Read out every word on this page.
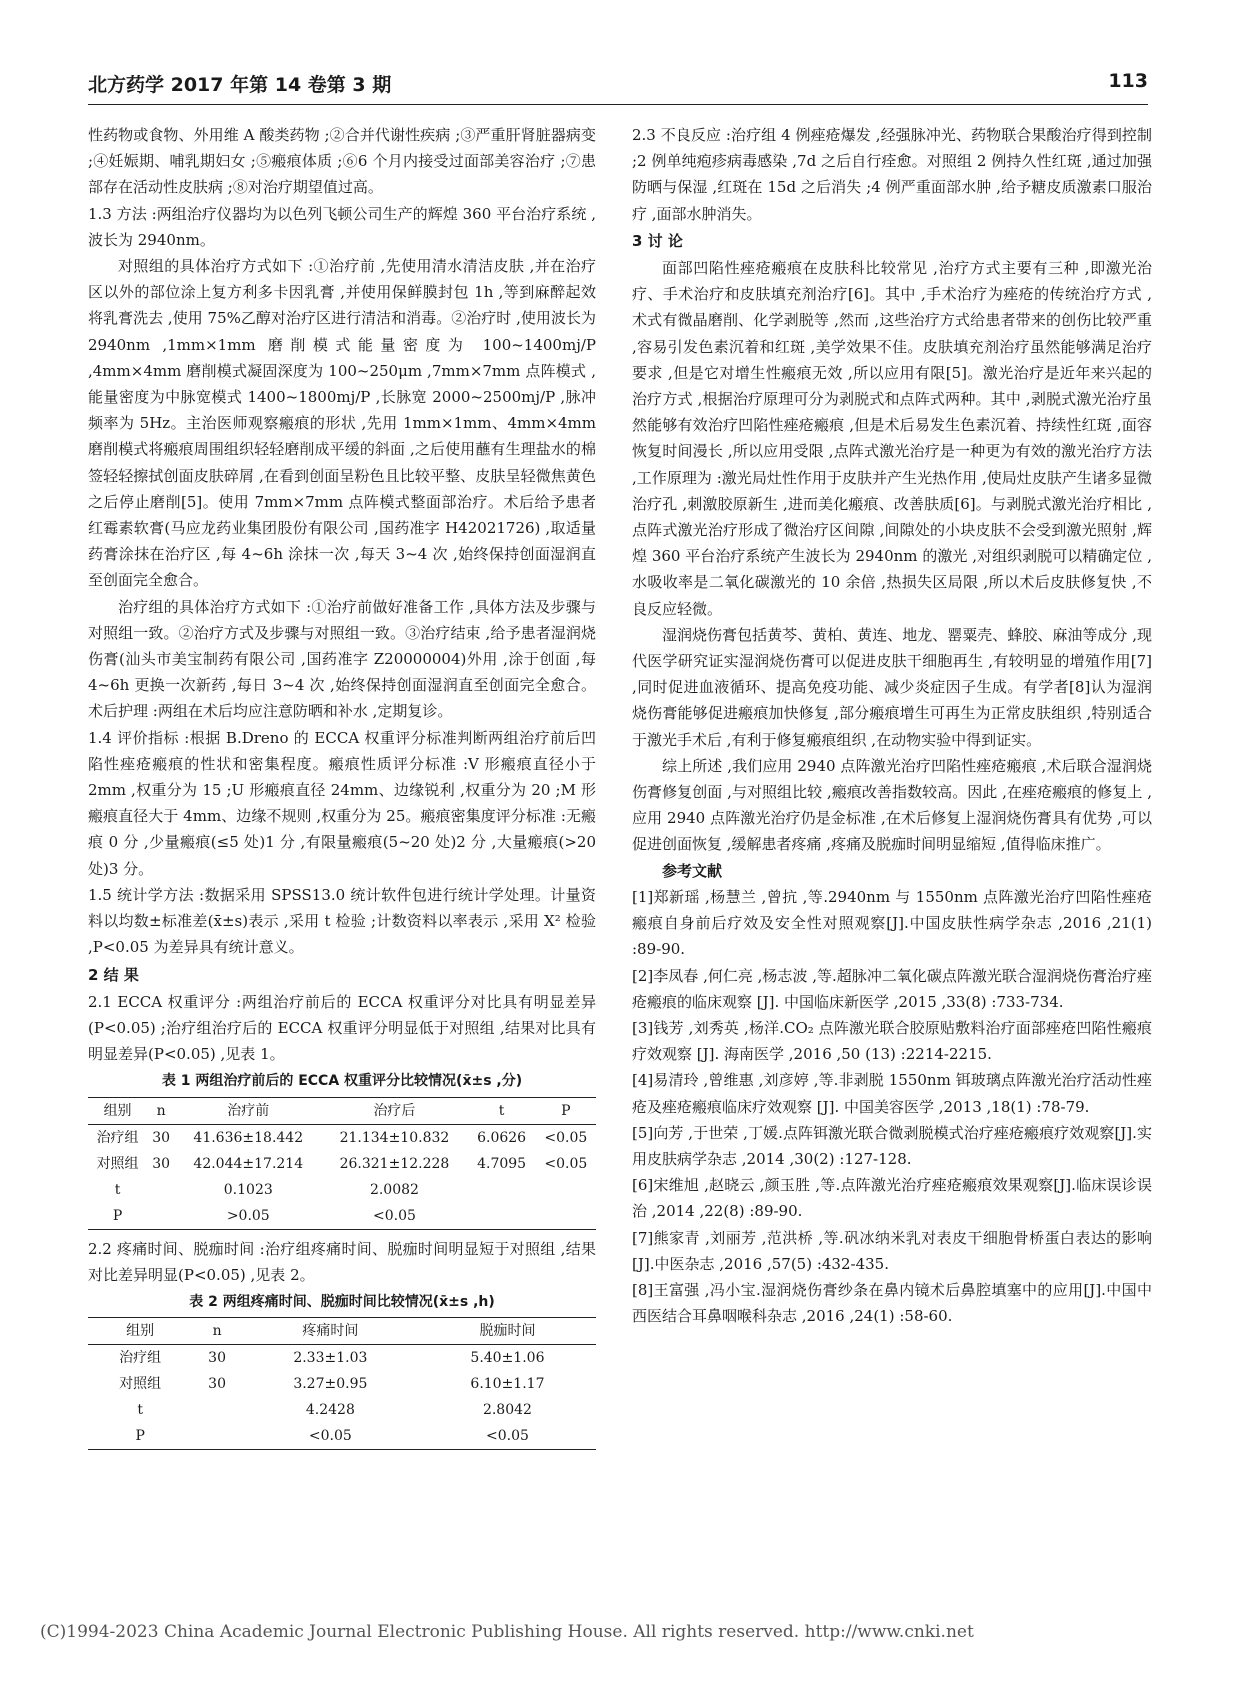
北方药学 2017 年第 14 卷第 3 期	113

性药物或食物、外用维 A 酸类药物 ;②合并代谢性疾病 ;③严重肝肾脏器病变 ;④妊娠期、哺乳期妇女 ;⑤瘢痕体质 ;⑥6 个月内接受过面部美容治疗 ;⑦患部存在活动性皮肤病 ;⑧对治疗期望值过高。

1.3 方法 :两组治疗仪器均为以色列飞顿公司生产的辉煌 360 平台治疗系统 ,波长为 2940nm。

对照组的具体治疗方式如下 :①治疗前 ,先使用清水清洁皮肤 ,并在治疗区以外的部位涂上复方利多卡因乳膏 ,并使用保鲜膜封包 1h ,等到麻醉起效将乳膏洗去 ,使用 75%乙醇对治疗区进行清洁和消毒。②治疗时 ,使用波长为 2940nm ,1mm×1mm 磨削模式能量密度为 100~1400mj/P ,4mm×4mm 磨削模式凝固深度为 100~250μm ,7mm×7mm 点阵模式 ,能量密度为中脉宽模式 1400~1800mj/P ,长脉宽 2000~2500mj/P ,脉冲频率为 5Hz。主治医师观察瘢痕的形状 ,先用 1mm×1mm、4mm×4mm 磨削模式将瘢痕周围组织轻轻磨削成平缓的斜面 ,之后使用蘸有生理盐水的棉签轻轻擦拭创面皮肤碎屑 ,在看到创面呈粉色且比较平整、皮肤呈轻微焦黄色之后停止磨削[5]。使用 7mm×7mm 点阵模式整面部治疗。术后给予患者红霉素软膏(马应龙药业集团股份有限公司 ,国药准字 H42021726) ,取适量药膏涂抹在治疗区 ,每 4~6h 涂抹一次 ,每天 3~4 次 ,始终保持创面湿润直至创面完全愈合。

治疗组的具体治疗方式如下 :①治疗前做好准备工作 ,具体方法及步骤与对照组一致。②治疗方式及步骤与对照组一致。③治疗结束 ,给予患者湿润烧伤膏(汕头市美宝制药有限公司 ,国药准字 Z20000004)外用 ,涂于创面 ,每 4~6h 更换一次新药 ,每日 3~4 次 ,始终保持创面湿润直至创面完全愈合。术后护理 :两组在术后均应注意防晒和补水 ,定期复诊。

1.4 评价指标 :根据 B.Dreno 的 ECCA 权重评分标准判断两组治疗前后凹陷性痤疮瘢痕的性状和密集程度。瘢痕性质评分标准 :V 形瘢痕直径小于 2mm ,权重分为 15 ;U 形瘢痕直径 24mm、边缘锐利 ,权重分为 20 ;M 形瘢痕直径大于 4mm、边缘不规则 ,权重分为 25。瘢痕密集度评分标准 :无瘢痕 0 分 ,少量瘢痕(≤5 处)1 分 ,有限量瘢痕(5~20 处)2 分 ,大量瘢痕(>20 处)3 分。

1.5 统计学方法 :数据采用 SPSS13.0 统计软件包进行统计学处理。计量资料以均数±标准差(x̄±s)表示 ,采用 t 检验 ;计数资料以率表示 ,采用 X² 检验 ,P<0.05 为差异具有统计意义。

2 结 果

2.1 ECCA 权重评分 :两组治疗前后的 ECCA 权重评分对比具有明显差异(P<0.05) ;治疗组治疗后的 ECCA 权重评分明显低于对照组 ,结果对比具有明显差异(P<0.05) ,见表 1。

表 1 两组治疗前后的 ECCA 权重评分比较情况(x̄±s ,分)
组别	n	治疗前	治疗后	t	P
治疗组	30	41.636±18.442	21.134±10.832	6.0626	<0.05
对照组	30	42.044±17.214	26.321±12.228	4.7095	<0.05
t		0.1023	2.0082		
P		>0.05	<0.05		

2.2 疼痛时间、脱痂时间 :治疗组疼痛时间、脱痂时间明显短于对照组 ,结果对比差异明显(P<0.05) ,见表 2。

表 2 两组疼痛时间、脱痂时间比较情况(x̄±s ,h)
组别	n	疼痛时间	脱痂时间
治疗组	30	2.33±1.03	5.40±1.06
对照组	30	3.27±0.95	6.10±1.17
t		4.2428	2.8042
P		<0.05	<0.05

2.3 不良反应 :治疗组 4 例痤疮爆发 ,经强脉冲光、药物联合果酸治疗得到控制 ;2 例单纯疱疹病毒感染 ,7d 之后自行痊愈。对照组 2 例持久性红斑 ,通过加强防晒与保湿 ,红斑在 15d 之后消失 ;4 例严重面部水肿 ,给予糖皮质激素口服治疗 ,面部水肿消失。

3 讨 论

面部凹陷性痤疮瘢痕在皮肤科比较常见 ,治疗方式主要有三种 ,即激光治疗、手术治疗和皮肤填充剂治疗[6]。其中 ,手术治疗为痤疮的传统治疗方式 ,术式有微晶磨削、化学剥脱等 ,然而 ,这些治疗方式给患者带来的创伤比较严重 ,容易引发色素沉着和红斑 ,美学效果不佳。皮肤填充剂治疗虽然能够满足治疗要求 ,但是它对增生性瘢痕无效 ,所以应用有限[5]。激光治疗是近年来兴起的治疗方式 ,根据治疗原理可分为剥脱式和点阵式两种。其中 ,剥脱式激光治疗虽然能够有效治疗凹陷性痤疮瘢痕 ,但是术后易发生色素沉着、持续性红斑 ,面容恢复时间漫长 ,所以应用受限 ,点阵式激光治疗是一种更为有效的激光治疗方法 ,工作原理为 :激光局灶性作用于皮肤并产生光热作用 ,使局灶皮肤产生诸多显微治疗孔 ,刺激胶原新生 ,进而美化瘢痕、改善肤质[6]。与剥脱式激光治疗相比 ,点阵式激光治疗形成了微治疗区间隙 ,间隙处的小块皮肤不会受到激光照射 ,辉煌 360 平台治疗系统产生波长为 2940nm 的激光 ,对组织剥脱可以精确定位 ,水吸收率是二氧化碳激光的 10 余倍 ,热损失区局限 ,所以术后皮肤修复快 ,不良反应轻微。

湿润烧伤膏包括黄芩、黄柏、黄连、地龙、罂粟壳、蜂胶、麻油等成分 ,现代医学研究证实湿润烧伤膏可以促进皮肤干细胞再生 ,有较明显的增殖作用[7] ,同时促进血液循环、提高免疫功能、减少炎症因子生成。有学者[8]认为湿润烧伤膏能够促进瘢痕加快修复 ,部分瘢痕增生可再生为正常皮肤组织 ,特别适合于激光手术后 ,有利于修复瘢痕组织 ,在动物实验中得到证实。

综上所述 ,我们应用 2940 点阵激光治疗凹陷性痤疮瘢痕 ,术后联合湿润烧伤膏修复创面 ,与对照组比较 ,瘢痕改善指数较高。因此 ,在痤疮瘢痕的修复上 ,应用 2940 点阵激光治疗仍是金标准 ,在术后修复上湿润烧伤膏具有优势 ,可以促进创面恢复 ,缓解患者疼痛 ,疼痛及脱痂时间明显缩短 ,值得临床推广。

参考文献

[1]郑新瑶 ,杨慧兰 ,曾抗 ,等.2940nm 与 1550nm 点阵激光治疗凹陷性痤疮瘢痕自身前后疗效及安全性对照观察[J].中国皮肤性病学杂志 ,2016 ,21(1) :89-90.

[2]李凤春 ,何仁亮 ,杨志波 ,等.超脉冲二氧化碳点阵激光联合湿润烧伤膏治疗痤疮瘢痕的临床观察 [J]. 中国临床新医学 ,2015 ,33(8) :733-734.

[3]钱芳 ,刘秀英 ,杨洋.CO₂ 点阵激光联合胶原贴敷料治疗面部痤疮凹陷性瘢痕疗效观察 [J]. 海南医学 ,2016 ,50 (13) :2214-2215.

[4]易清玲 ,曾维惠 ,刘彦婷 ,等.非剥脱 1550nm 铒玻璃点阵激光治疗活动性痤疮及痤疮瘢痕临床疗效观察 [J]. 中国美容医学 ,2013 ,18(1) :78-79.

[5]向芳 ,于世荣 ,丁媛.点阵铒激光联合微剥脱模式治疗痤疮瘢痕疗效观察[J].实用皮肤病学杂志 ,2014 ,30(2) :127-128.

[6]宋维旭 ,赵晓云 ,颜玉胜 ,等.点阵激光治疗痤疮瘢痕效果观察[J].临床误诊误治 ,2014 ,22(8) :89-90.

[7]熊家青 ,刘丽芳 ,范洪桥 ,等.矾冰纳米乳对表皮干细胞骨桥蛋白表达的影响[J].中医杂志 ,2016 ,57(5) :432-435.

[8]王富强 ,冯小宝.湿润烧伤膏纱条在鼻内镜术后鼻腔填塞中的应用[J].中国中西医结合耳鼻咽喉科杂志 ,2016 ,24(1) :58-60.

(C)1994-2023 China Academic Journal Electronic Publishing House. All rights reserved. http://www.cnki.net
